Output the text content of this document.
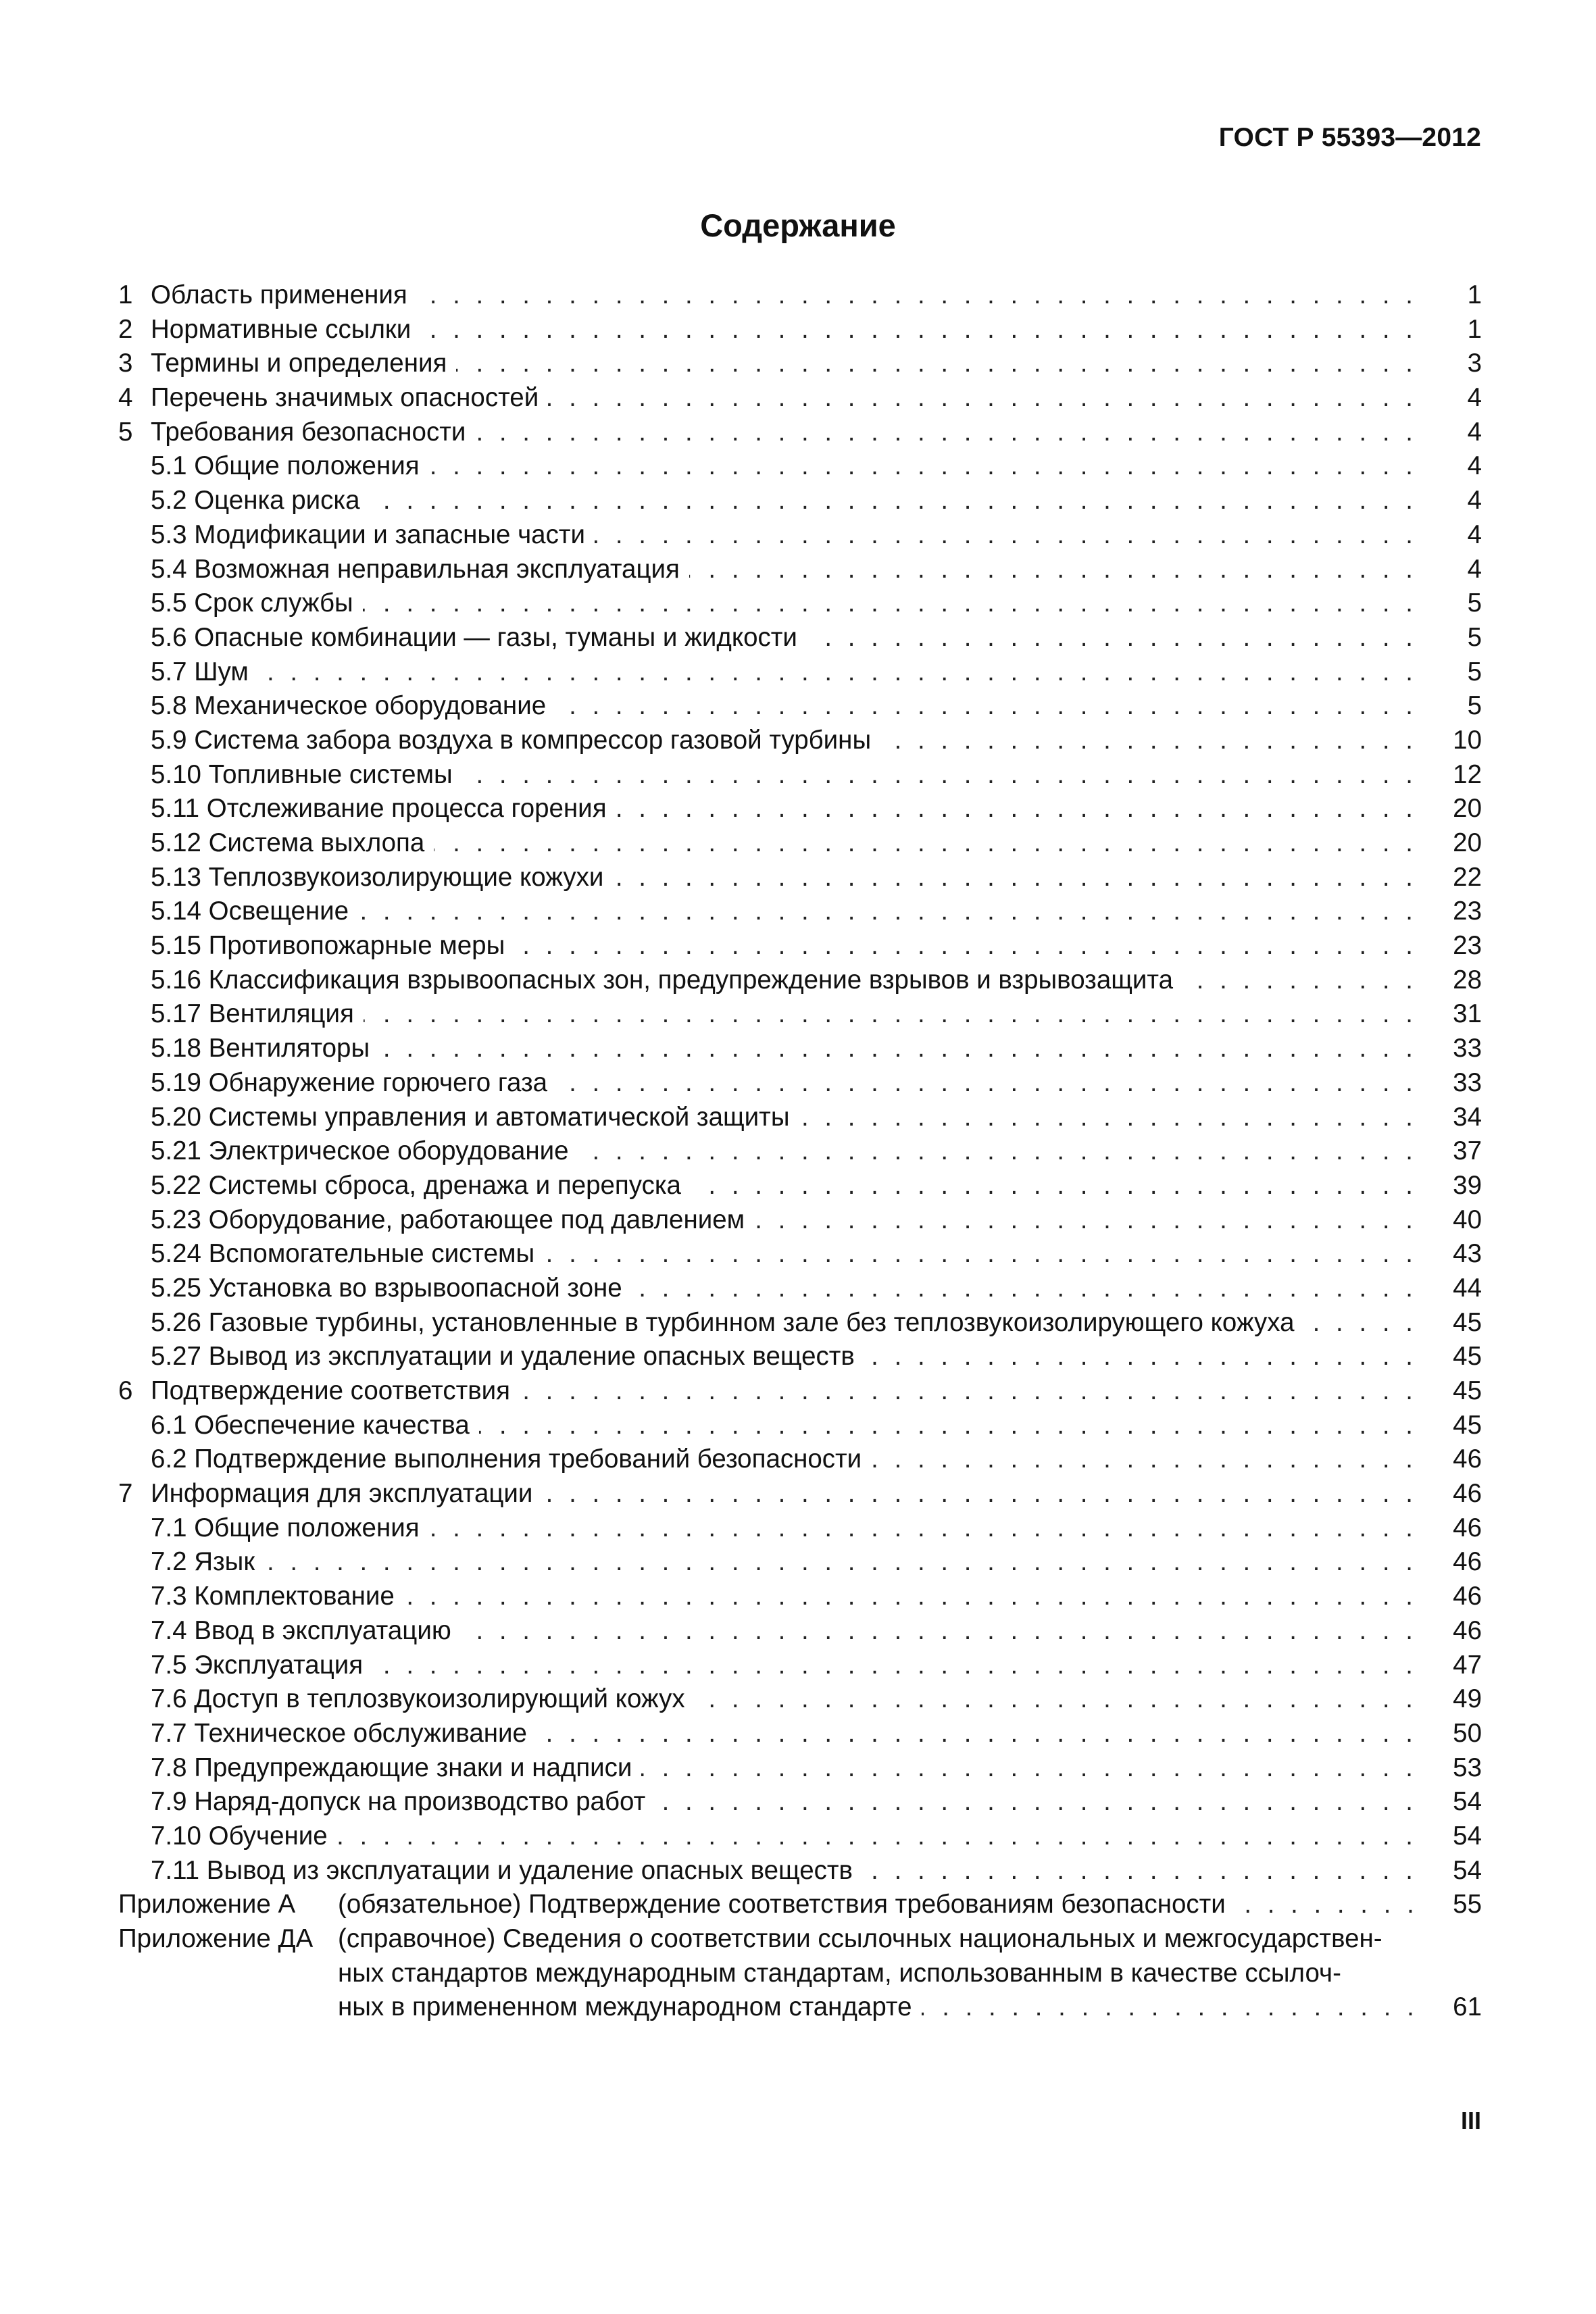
ГОСТ Р 55393—2012
Содержание
1 Область применения . . .	1
2 Нормативные ссылки . . .	1
3 Термины и определения . . .	3
4 Перечень значимых опасностей . . .	4
5 Требования безопасности . . .	4
5.1 Общие положения . . .	4
5.2 Оценка риска . . .	4
5.3 Модификации и запасные части . . .	4
5.4 Возможная неправильная эксплуатация . . .	4
5.5 Срок службы . . .	5
5.6 Опасные комбинации — газы, туманы и жидкости . . .	5
5.7 Шум . . .	5
5.8 Механическое оборудование . . .	5
5.9 Система забора воздуха в компрессор газовой турбины . . .	10
5.10 Топливные системы . . .	12
5.11 Отслеживание процесса горения . . .	20
5.12 Система выхлопа . . .	20
5.13 Теплозвукоизолирующие кожухи . . .	22
5.14 Освещение . . .	23
5.15 Противопожарные меры . . .	23
5.16 Классификация взрывоопасных зон, предупреждение взрывов и взрывозащита . . .	28
5.17 Вентиляция . . .	31
5.18 Вентиляторы . . .	33
5.19 Обнаружение горючего газа . . .	33
5.20 Системы управления и автоматической защиты . . .	34
5.21 Электрическое оборудование . . .	37
5.22 Системы сброса, дренажа и перепуска . . .	39
5.23 Оборудование, работающее под давлением . . .	40
5.24 Вспомогательные системы . . .	43
5.25 Установка во взрывоопасной зоне . . .	44
5.26 Газовые турбины, установленные в турбинном зале без теплозвукоизолирующего кожуха . . .	45
5.27 Вывод из эксплуатации и удаление опасных веществ . . .	45
6 Подтверждение соответствия . . .	45
6.1 Обеспечение качества . . .	45
6.2 Подтверждение выполнения требований безопасности . . .	46
7 Информация для эксплуатации . . .	46
7.1 Общие положения . . .	46
7.2 Язык . . .	46
7.3 Комплектование . . .	46
7.4 Ввод в эксплуатацию . . .	46
7.5 Эксплуатация . . .	47
7.6 Доступ в теплозвукоизолирующий кожух . . .	49
7.7 Техническое обслуживание . . .	50
7.8 Предупреждающие знаки и надписи . . .	53
7.9 Наряд-допуск на производство работ . . .	54
7.10 Обучение . . .	54
7.11 Вывод из эксплуатации и удаление опасных веществ . . .	54
Приложение А (обязательное) Подтверждение соответствия требованиям безопасности . . .	55
Приложение ДА (справочное) Сведения о соответствии ссылочных национальных и межгосударствен-
ных стандартов международным стандартам, использованным в качестве ссылоч-
ных в примененном международном стандарте . . .	61
III
